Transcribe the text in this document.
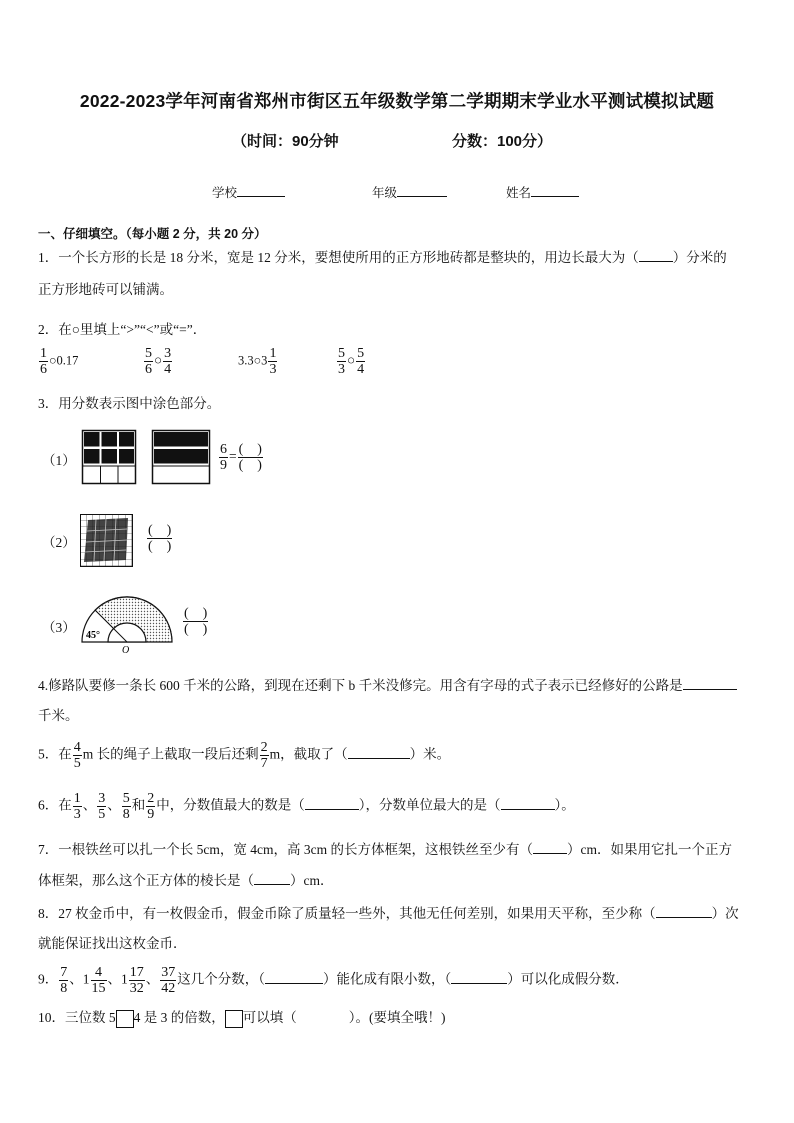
2022-2023学年河南省郑州市街区五年级数学第二学期期末学业水平测试模拟试题
（时间：90分钟	分数：100分）
学校	年级	姓名
一、仔细填空。（每小题 2 分，共 20 分）
1．一个长方形的长是 18 分米，宽是 12 分米，要想使所用的正方形地砖都是整块的，用边长最大为（	）分米的
正方形地砖可以铺满。
2．在○里填上“>”“<”或“=”．
$\frac{1}{6}$ ○0.17	$\frac{5}{6}$ ○ $\frac{3}{4}$	3.3○3 $\frac{1}{3}$	$\frac{5}{3}$ ○ $\frac{5}{4}$
3．用分数表示图中涂色部分。
（1）	$\frac{6}{9} = \frac{( )}{( )}$
（2）	$\frac{( )}{( )}$
（3）
45°
O
$\frac{( )}{( )}$
4.修路队要修一条长 600 千米的公路，到现在还剩下 b 千米没修完。用含有字母的式子表示已经修好的公路是
千米。
5．在 $\frac{4}{5}$ m 长的绳子上截取一段后还剩 $\frac{2}{7}$ m，截取了（	）米。
6．在 $\frac{1}{3}$ 、 $\frac{3}{5}$ 、 $\frac{5}{8}$ 和 $\frac{2}{9}$ 中，分数值最大的数是（	），分数单位最大的是（	）。
7．一根铁丝可以扎一个长 5cm，宽 4cm，高 3cm 的长方体框架，这根铁丝至少有（	）cm．如果用它扎一个正方
体框架，那么这个正方体的棱长是（	）cm．
8．27 枚金币中，有一枚假金币，假金币除了质量轻一些外，其他无任何差别，如果用天平称，至少称（	）次
就能保证找出这枚金币．
9． $\frac{7}{8}$ 、$1 \frac{4}{15}$ 、$1 \frac{17}{32}$ 、 $\frac{37}{42}$ 这几个分数，（	）能化成有限小数，（	）可以化成假分数．
10．三位数 5 4 是 3 的倍数， 可以填（	）。(要填全哦！)
